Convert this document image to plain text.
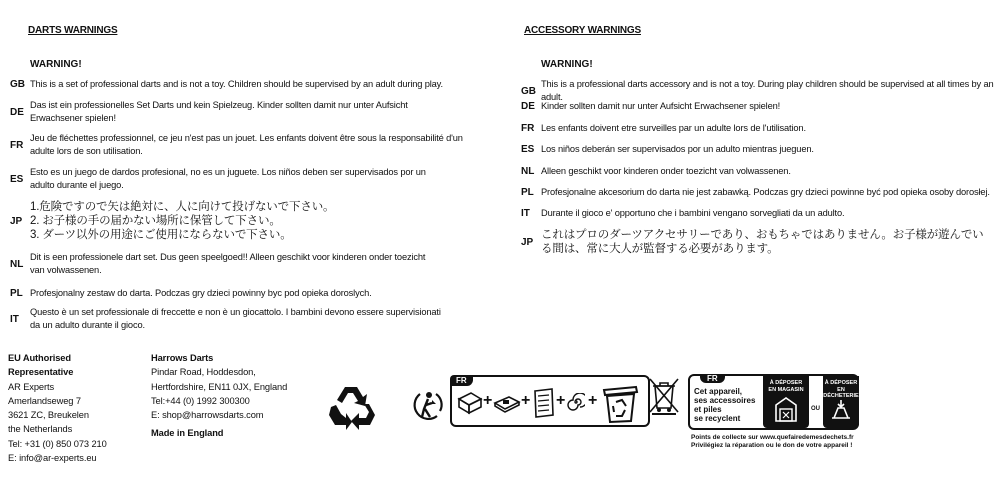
DARTS WARNINGS
WARNING!
GB This is a set of professional darts and is not a toy. Children should be supervised by an adult during play.
DE
Das ist ein professionelles Set Darts und kein Spielzeug. Kinder sollten damit nur unter Aufsicht Erwachsener spielen!
FR
Jeu de fléchettes professionnel, ce jeu n'est pas un jouet. Les enfants doivent être sous la responsabilité d'un adulte lors de son utilisation.
ES
Esto es un juego de dardos profesional, no es un juguete. Los niños deben ser supervisados por un adulto durante el juego.
JP
1.危険ですので矢は絶対に、人に向けて投げないで下さい。
2. お子様の手の届かない場所に保管して下さい。
3. ダーツ以外の用途にご使用にならないで下さい。
NL
Dit is een professionele dart set. Dus geen speelgoed!! Alleen geschikt voor kinderen onder toezicht van volwassenen.
PL Profesjonalny zestaw do darta. Podczas gry dzieci powinny byc pod opieka doroslych.
IT
Questo è un set professionale di freccette e non è un giocattolo. I bambini devono essere supervisionati da un adulto durante il gioco.
ACCESSORY WARNINGS
WARNING!
GB
This is a professional darts accessory and is not a toy. During play children should be supervised at all times by an adult.
DE Kinder sollten damit nur unter Aufsicht Erwachsener spielen!
FR Les enfants doivent etre surveilles par un adulte lors de l'utilisation.
ES Los niños deberán ser supervisados por un adulto mientras jueguen.
NL Alleen geschikt voor kinderen onder toezicht van volwassenen.
PL Profesjonalne akcesorium do darta nie jest zabawką. Podczas gry dzieci powinne być pod opieka osoby dorosłej.
IT	Durante il gioco e' opportuno che i bambini vengano sorvegliati da un adulto.
JP
これはプロのダーツアクセサリーであり、おもちゃではありません。お子様が遊んでい
る間は、常に大人が監督する必要があります。
EU Authorised
Representative
AR Experts
Amerlandseweg 7
3621 ZC, Breukelen
the Netherlands
Tel: +31 (0) 850 073 210
E: info@ar-experts.eu
Harrows Darts
Pindar Road, Hoddesdon,
Hertfordshire, EN11 0JX, England
Tel:+44 (0) 1992 300300
E: shop@harrowsdarts.com
Made in England
FR
+ + + +
FR
Cet appareil,
ses accessoires
et piles
se recyclent
À DÉPOSER
EN MAGASIN
OU
À DÉPOSER
EN DÉCHETERIE
Points de collecte sur www.quefairedemesdechets.fr
Privilégiez la réparation ou le don de votre appareil !
